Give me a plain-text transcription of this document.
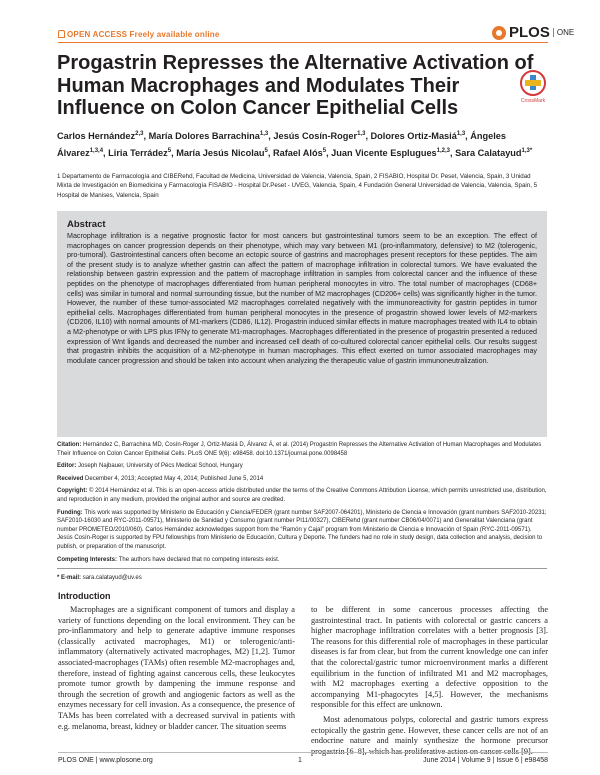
OPEN ACCESS Freely available online	PLOS ONE
Progastrin Represses the Alternative Activation of Human Macrophages and Modulates Their Influence on Colon Cancer Epithelial Cells	CrossMark
Carlos Hernández$^{2,3}$, María Dolores Barrachina$^{1,3}$, Jesús Cosín-Roger$^{1,3}$, Dolores Ortiz-Masiá$^{1,3}$, Ángeles Álvarez$^{1,3,4}$, Liria Terrádez$^5$, María Jesús Nicolau$^5$, Rafael Alós$^5$, Juan Vicente Esplugues$^{1,2,3}$, Sara Calatayud$^{1,3*}$
1 Departamento de Farmacología and CIBERehd, Facultad de Medicina, Universidad de Valencia, Valencia, Spain, 2 FISABIO, Hospital Dr. Peset, Valencia, Spain, 3 Unidad Mixta de Investigación en Biomedicina y Farmacología FISABIO - Hospital Dr.Peset - UVEG, Valencia, Spain, 4 Fundación General Universidad de Valencia, Valencia, Spain, 5 Hospital de Manises, Valencia, Spain
Abstract

Macrophage infiltration is a negative prognostic factor for most cancers but gastrointestinal tumors seem to be an exception. The effect of macrophages on cancer progression depends on their phenotype, which may vary between M1 (pro-inflammatory, defensive) to M2 (tolerogenic, pro-tumoral). Gastrointestinal cancers often become an ectopic source of gastrins and macrophages present receptors for these peptides. The aim of the present study is to analyze whether gastrin can affect the pattern of macrophage infiltration in colorectal tumors. We have evaluated the relationship between gastrin expression and the pattern of macrophage infiltration in samples from colorectal cancer and the influence of these peptides on the phenotype of macrophages differentiated from human peripheral monocytes in vitro. The total number of macrophages (CD68+ cells) was similar in tumoral and normal surrounding tissue, but the number of M2 macrophages (CD206+ cells) was significantly higher in the tumor. However, the number of these tumor-associated M2 macrophages correlated negatively with the immunoreactivity for gastrin peptides in tumor epithelial cells. Macrophages differentiated from human peripheral monocytes in the presence of progastrin showed lower levels of M2-markers (CD206, IL10) with normal amounts of M1-markers (CD86, IL12). Progastrin induced similar effects in mature macrophages treated with IL4 to obtain a M2-phenotype or with LPS plus IFNγ to generate M1-macrophages. Macrophages differentiated in the presence of progastrin presented a reduced expression of Wnt ligands and decreased the number and increased cell death of co-cultured colorectal cancer epithelial cells. Our results suggest that progastrin inhibits the acquisition of a M2-phenotype in human macrophages. This effect exerted on tumor associated macrophages may modulate cancer progression and should be taken into account when analyzing the therapeutic value of gastrin immunoneutralization.

Citation: Hernández C, Barrachina MD, Cosín-Roger J, Ortiz-Masiá D, Álvarez Á, et al. (2014) Progastrin Represses the Alternative Activation of Human Macrophages and Modulates Their Influence on Colon Cancer Epithelial Cells. PLoS ONE 9(6): e98458. doi:10.1371/journal.pone.0098458
Editor: Joseph Najbauer, University of Pécs Medical School, Hungary
Received December 4, 2013; Accepted May 4, 2014; Published June 5, 2014
Copyright: © 2014 Hernández et al. This is an open-access article distributed under the terms of the Creative Commons Attribution License, which permits unrestricted use, distribution, and reproduction in any medium, provided the original author and source are credited.
Funding: This work was supported by Ministerio de Educación y Ciencia/FEDER (grant number SAF2007-064201), Ministerio de Ciencia e Innovación (grant numbers SAF2010-20231; SAF2010-16030 and RYC-2011-09571), Ministerio de Sanidad y Consumo (grant number PI11/00327), CIBERehd (grant number CB06/04/0071) and Generalitat Valenciana (grant number PROMETEO/2010/060). Carlos Hernández acknowledges support from the “Ramón y Cajal” program from Ministerio de Ciencia e Innovación of Spain (RYC-2011-09571). Jesús Cosín-Roger is supported by FPU fellowships from Ministerio de Educación, Cultura y Deporte. The funders had no role in study design, data collection and analysis, decision to publish, or preparation of the manuscript.
Competing Interests: The authors have declared that no competing interests exist.
* E-mail: sara.calatayud@uv.es
Introduction

Macrophages are a significant component of tumors and display a variety of functions depending on the local environment. They can be pro-inflammatory and help to generate adaptive immune responses (classically activated macrophages, M1) or tolerogenic/anti-inflammatory (alternatively activated macrophages, M2) [1,2]. Tumor associated-macrophages (TAMs) often resemble M2-macrophages and, therefore, instead of fighting against cancerous cells, these leukocytes promote tumor growth by dampening the immune response and through the secretion of growth and angiogenic factors as well as the enzymes necessary for cell invasion. As a consequence, the presence of TAMs has been correlated with a decreased survival in patients with e.g. melanoma, breast, kidney or bladder cancer. The situation seems

to be different in some cancerous processes affecting the gastrointestinal tract. In patients with colorectal or gastric cancers a higher macrophage infiltration correlates with a better prognosis [3]. The reasons for this differential role of macrophages in these particular diseases is far from clear, but from the current knowledge one can infer that the colorectal/gastric tumor microenvironment marks a different equilibrium in the function of infiltrated M1 and M2 macrophages, with M2 macrophages exerting a defective opposition to the accompanying M1-phagocytes [4,5]. However, the mechanisms responsible for this effect are unknown.

Most adenomatous polyps, colorectal and gastric tumors express ectopically the gastrin gene. However, these cancer cells are not of an endocrine nature and mainly synthesize the hormone precursor

PLOS ONE | www.plosone.org	1	June 2014 | Volume 9 | Issue 6 | e98458
